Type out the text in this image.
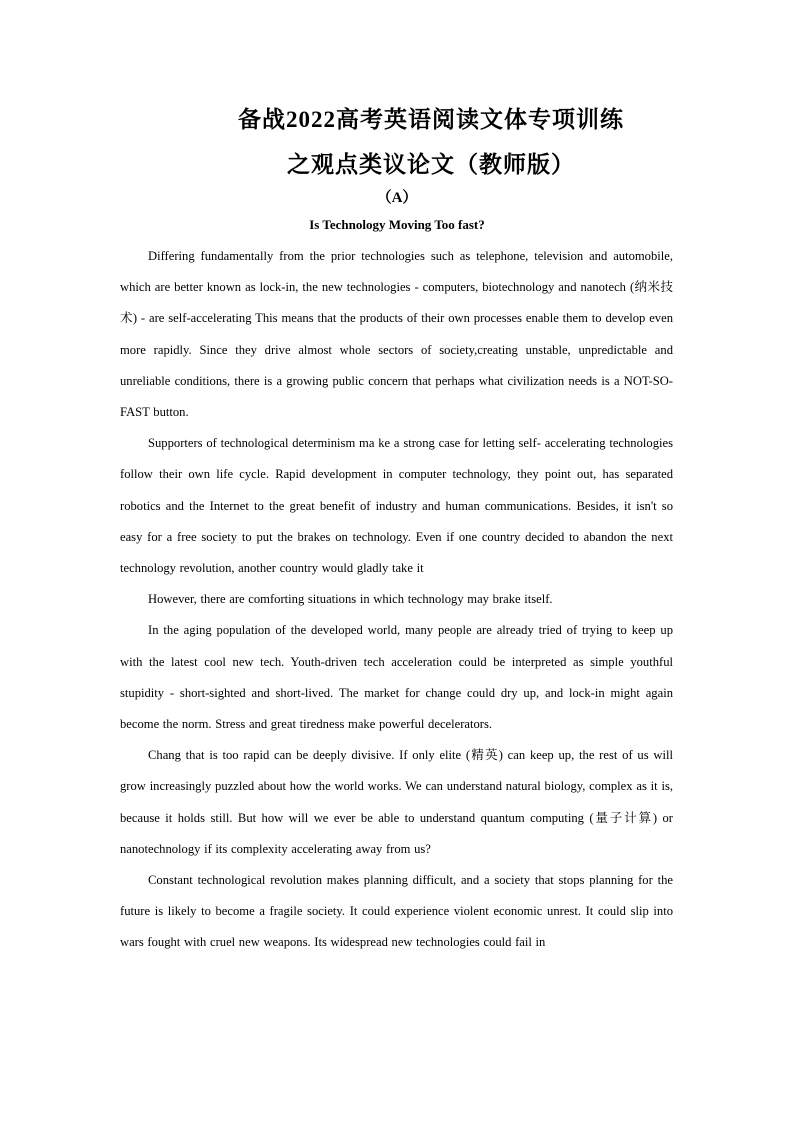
备战2022高考英语阅读文体专项训练
之观点类议论文（教师版）
（A）
Is Technology Moving Too fast?

Differing fundamentally from the prior technologies such as telephone, television and automobile, which are better known as lock-in, the new technologies - computers, biotechnology and nanotech (纳米技术) - are self-accelerating This means that the products of their own processes enable them to develop even more rapidly. Since they drive almost whole sectors of society,creating unstable, unpredictable and unreliable conditions, there is a growing public concern that perhaps what civilization needs is a NOT-SO-FAST button.

Supporters of technological determinism ma ke a strong case for letting self- accelerating technologies follow their own life cycle. Rapid development in computer technology, they point out, has separated robotics and the Internet to the great benefit of industry and human communications. Besides, it isn't so easy for a free society to put the brakes on technology. Even if one country decided to abandon the next technology revolution, another country would gladly take it

However, there are comforting situations in which technology may brake itself.

In the aging population of the developed world, many people are already tried of trying to keep up with the latest cool new tech. Youth-driven tech acceleration could be interpreted as simple youthful stupidity - short-sighted and short-lived. The market for change could dry up, and lock-in might again become the norm. Stress and great tiredness make powerful decelerators.

Chang that is too rapid can be deeply divisive. If only elite (精英) can keep up, the rest of us will grow increasingly puzzled about how the world works. We can understand natural biology, complex as it is, because it holds still. But how will we ever be able to understand quantum computing (量子计算) or nanotechnology if its complexity accelerating away from us?

Constant technological revolution makes planning difficult, and a society that stops planning for the future is likely to become a fragile society. It could experience violent economic unrest. It could slip into wars fought with cruel new weapons. Its widespread new technologies could fail in
